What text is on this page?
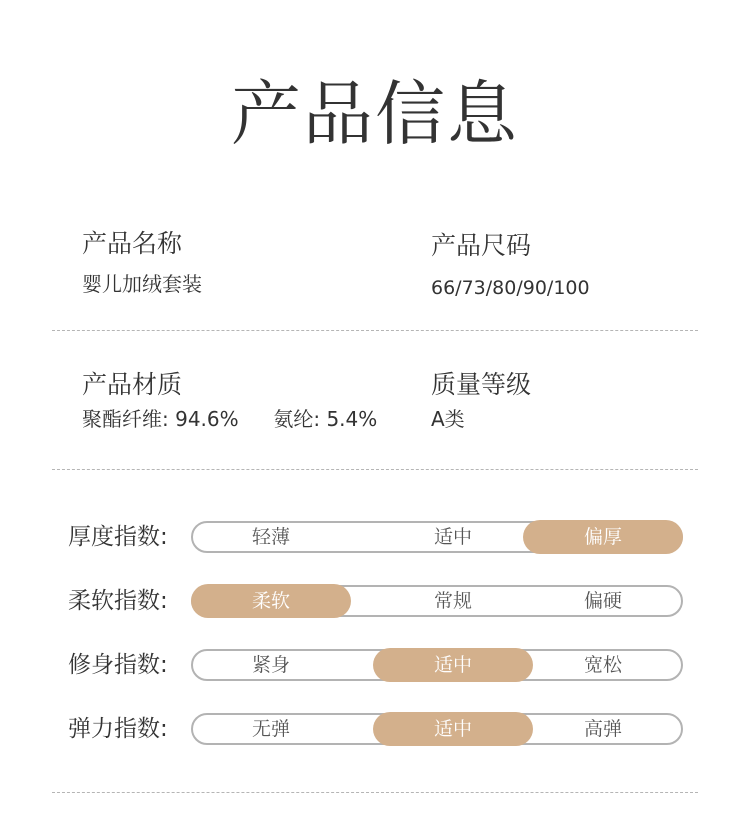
产品信息
产品名称
婴儿加绒套装
产品尺码
66/73/80/90/100
产品材质
聚酯纤维: 94.6% 氨纶: 5.4%
质量等级
A类
厚度指数:	轻薄	适中	偏厚
柔软指数:	柔软	常规	偏硬
修身指数:	紧身	适中	宽松
弹力指数:	无弹	适中	高弹
